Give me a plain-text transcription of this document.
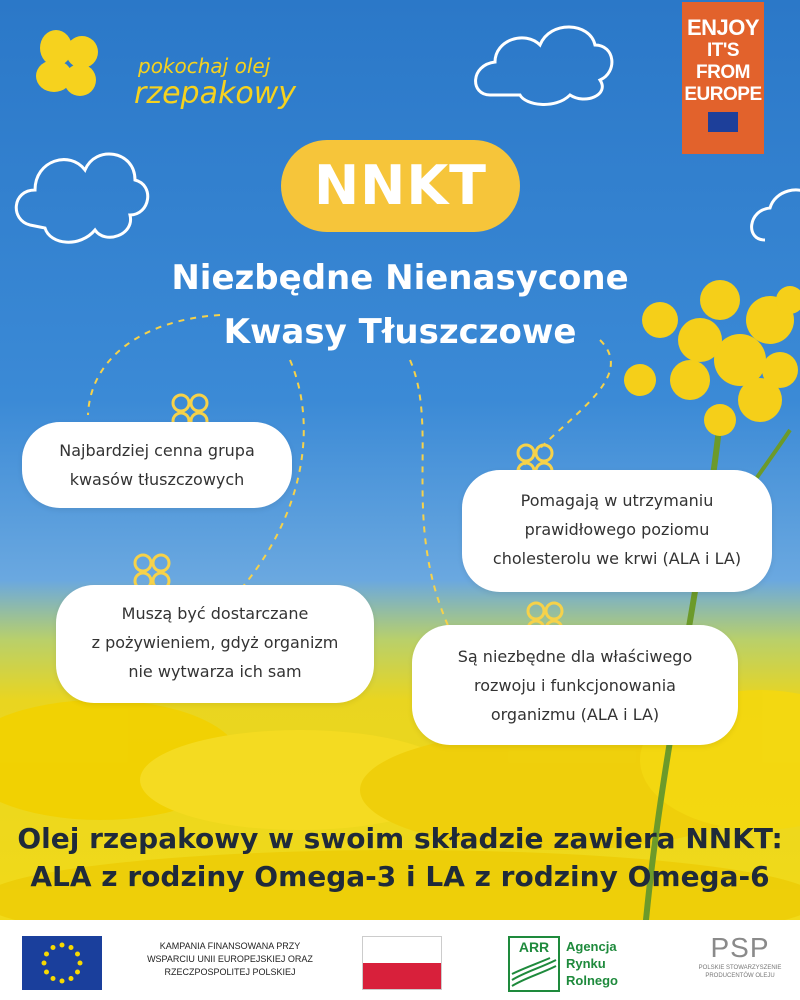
pokochaj olej
rzepakowy
ENJOY
IT'S FROM
EUROPE
NNKT
Niezbędne Nienasycone
Kwasy Tłuszczowe
Najbardziej cenna grupa
kwasów tłuszczowych
Pomagają w utrzymaniu
prawidłowego poziomu
cholesterolu we krwi (ALA i LA)
Muszą być dostarczane
z pożywieniem, gdyż organizm
nie wytwarza ich sam
Są niezbędne dla właściwego
rozwoju i funkcjonowania
organizmu (ALA i LA)
Olej rzepakowy w swoim składzie zawiera NNKT:
ALA z rodziny Omega-3 i LA z rodziny Omega-6
KAMPANIA FINANSOWANA PRZY
WSPARCIU UNII EUROPEJSKIEJ ORAZ
RZECZPOSPOLITEJ POLSKIEJ
ARR	Agencja
Rynku
Rolnego
PSP
POLSKIE STOWARZYSZENIE
PRODUCENTÓW OLEJU
